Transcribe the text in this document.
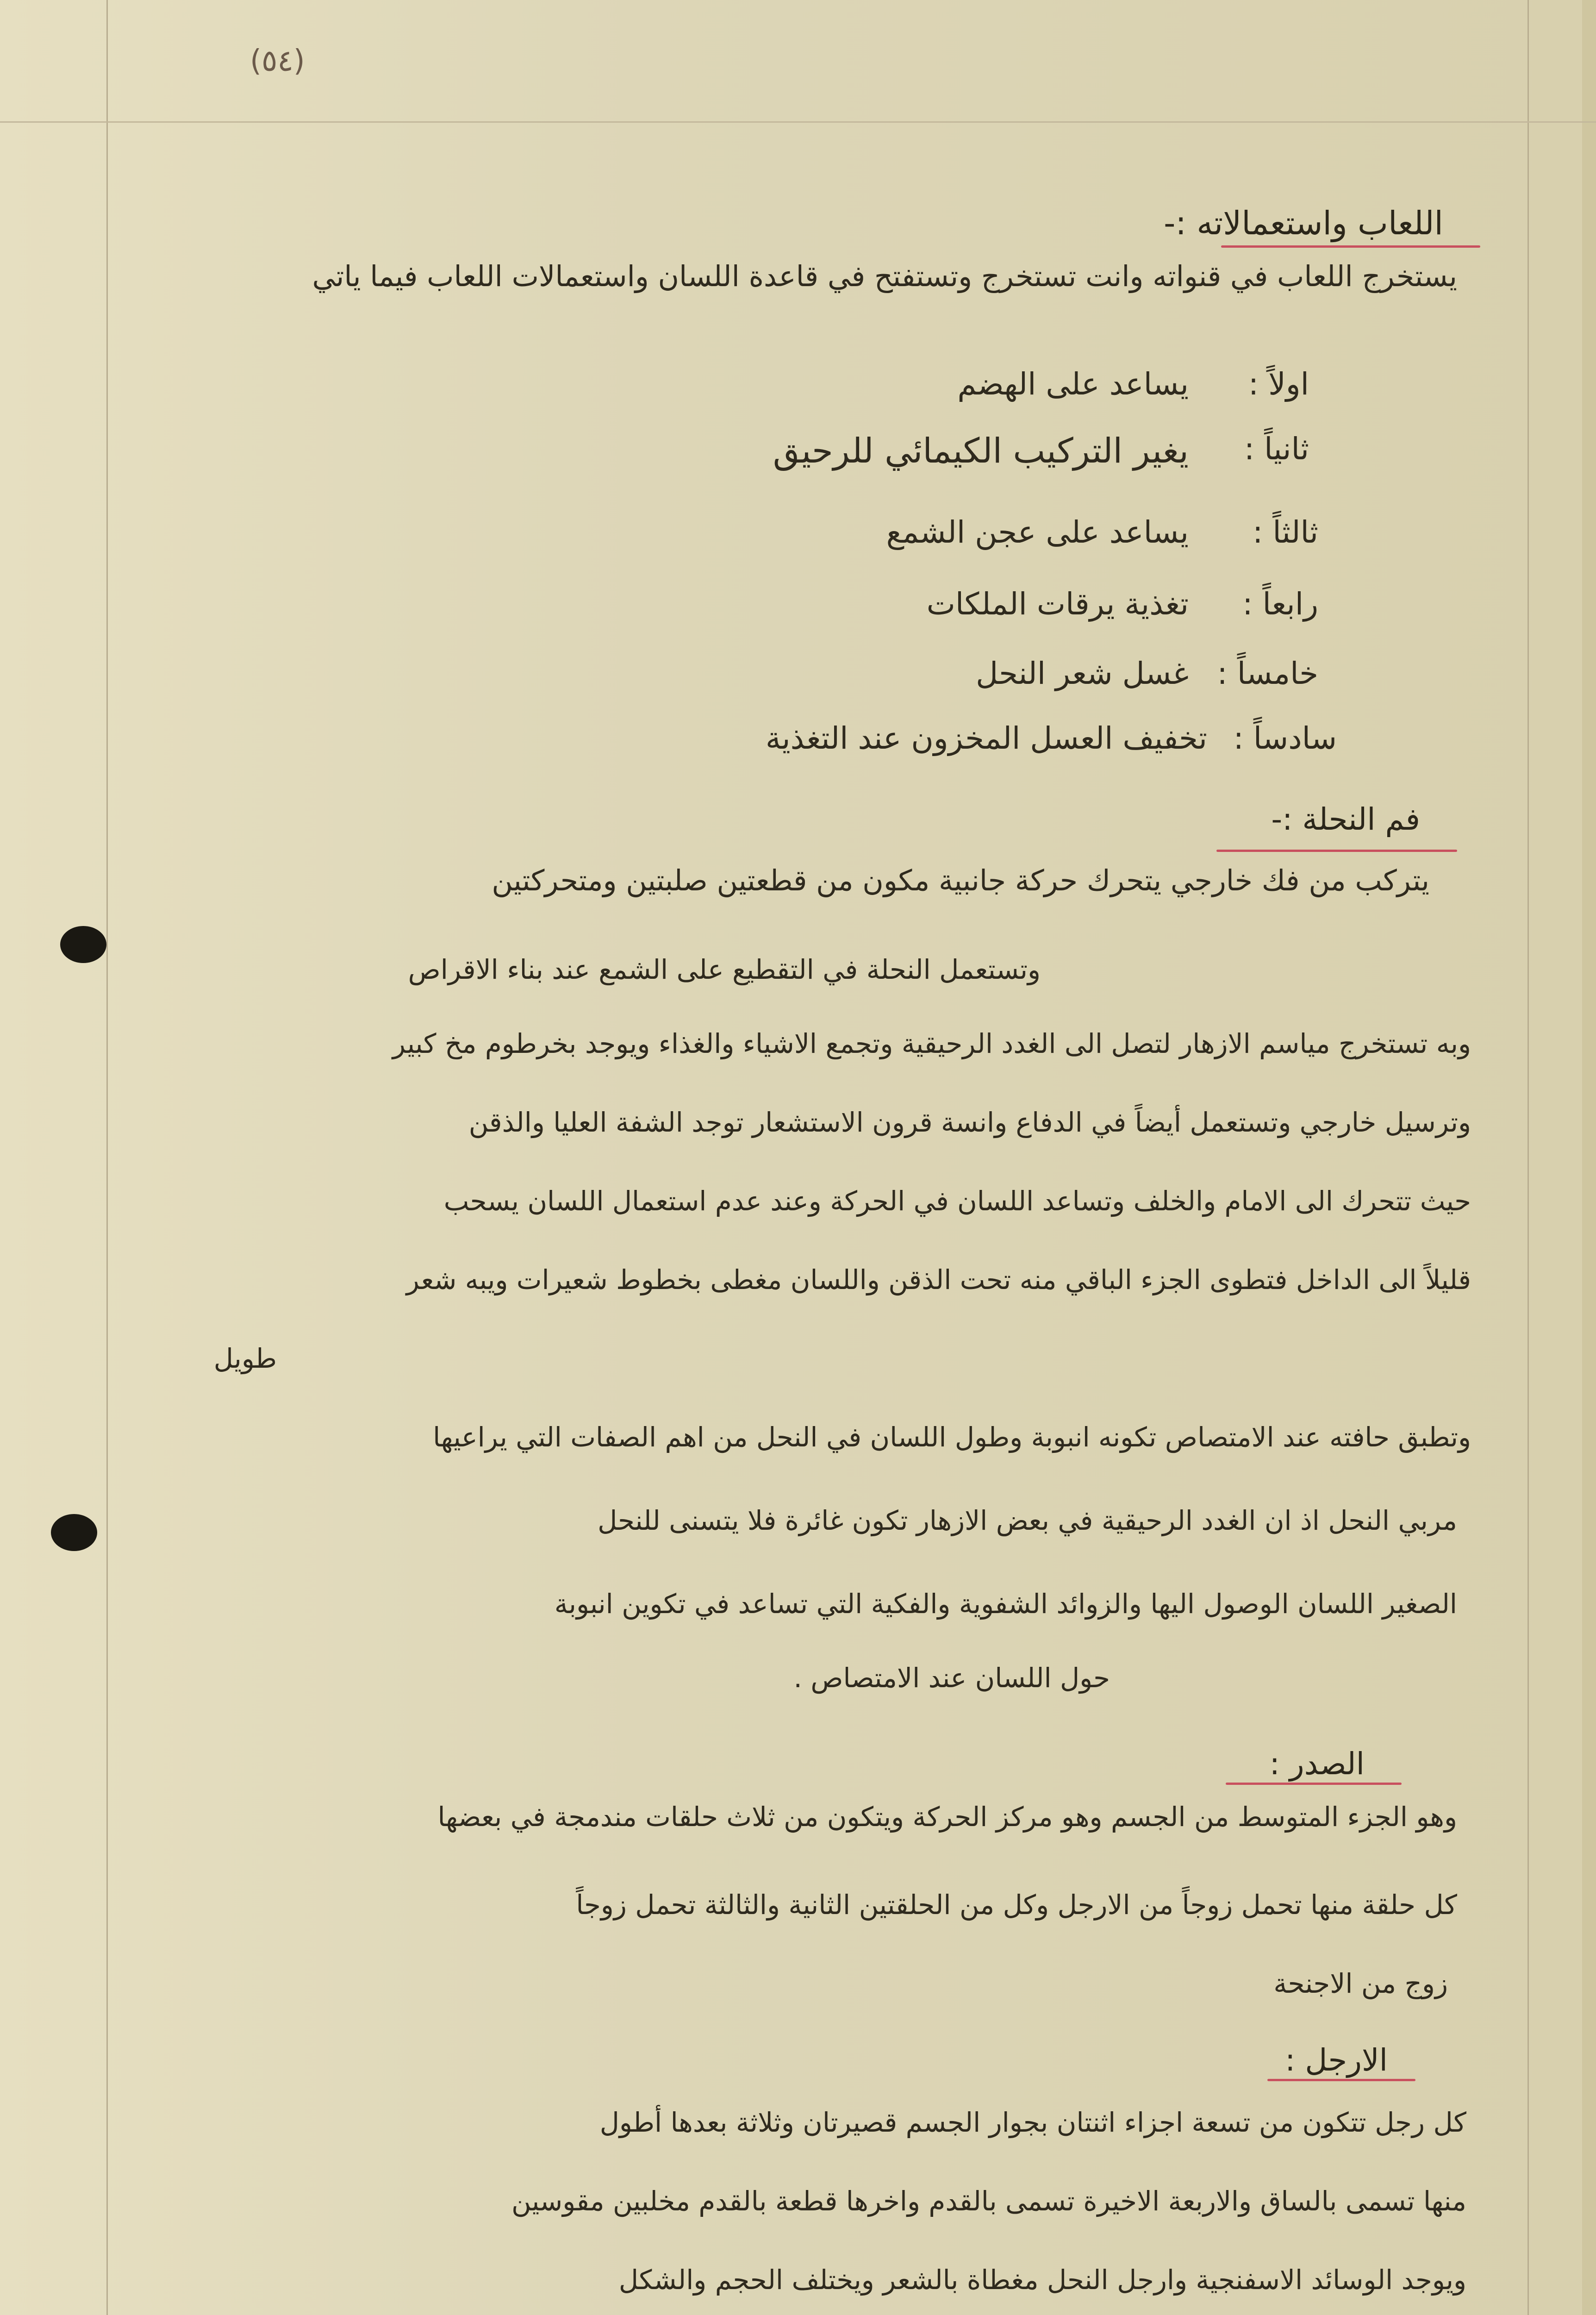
(٥٤)
اللعاب واستعمالاته :-
يستخرج اللعاب في قنواته وانت تستخرج وتستفتح في قاعدة اللسان واستعمالات اللعاب فيما ياتي
اولاً :
يساعد على الهضم
ثانياً :
يغير التركيب الكيمائي للرحيق
ثالثاً :
يساعد على عجن الشمع
رابعاً :
تغذية يرقات الملكات
خامساً :
غسل شعر النحل
سادساً :
تخفيف العسل المخزون عند التغذية
فم النحلة :-
يتركب من فك خارجي يتحرك حركة جانبية مكون من قطعتين صلبتين ومتحركتين
وتستعمل النحلة في التقطيع على الشمع عند بناء الاقراص
وبه تستخرج مياسم الازهار لتصل الى الغدد الرحيقية وتجمع الاشياء والغذاء ويوجد بخرطوم مخ كبير
وترسيل خارجي وتستعمل أيضاً في الدفاع وانسة قرون الاستشعار توجد الشفة العليا والذقن
حيث تتحرك الى الامام والخلف وتساعد اللسان في الحركة وعند عدم استعمال اللسان يسحب
قليلاً الى الداخل فتطوى الجزء الباقي منه تحت الذقن واللسان مغطى بخطوط شعيرات ويبه شعر
طويل
وتطبق حافته عند الامتصاص تكونه انبوبة وطول اللسان في النحل من اهم الصفات التي يراعيها
مربي النحل اذ ان الغدد الرحيقية في بعض الازهار تكون غائرة فلا يتسنى للنحل
الصغير اللسان الوصول اليها والزوائد الشفوية والفكية التي تساعد في تكوين انبوبة
حول اللسان عند الامتصاص .
الصدر :
وهو الجزء المتوسط من الجسم وهو مركز الحركة ويتكون من ثلاث حلقات مندمجة في بعضها
كل حلقة منها تحمل زوجاً من الارجل وكل من الحلقتين الثانية والثالثة تحمل زوجاً
زوج من الاجنحة
الارجل :
كل رجل تتكون من تسعة اجزاء اثنتان بجوار الجسم قصيرتان وثلاثة بعدها أطول
منها تسمى بالساق والاربعة الاخيرة تسمى بالقدم واخرها قطعة بالقدم مخلبين مقوسين
ويوجد الوسائد الاسفنجية وارجل النحل مغطاة بالشعر ويختلف الحجم والشكل
